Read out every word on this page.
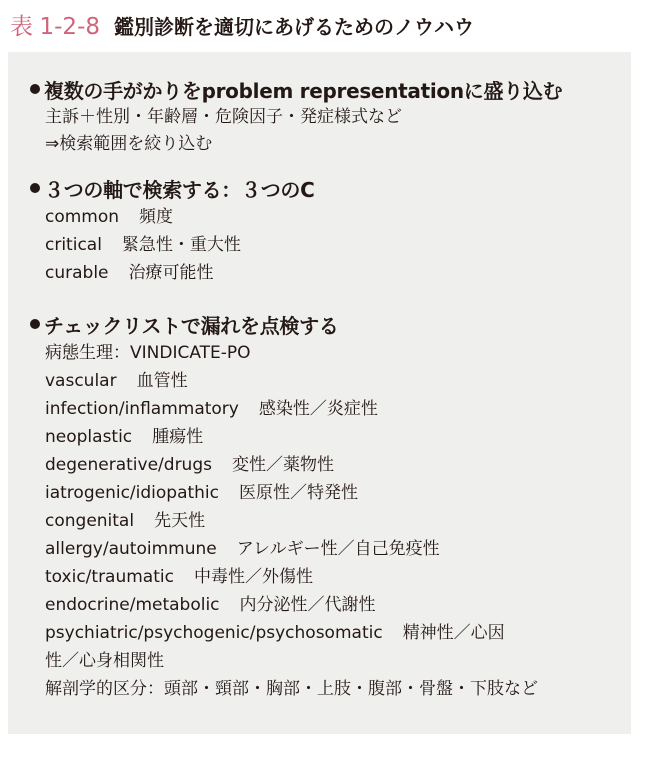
表 1-2-8 鑑別診断を適切にあげるためのノウハウ
複数の手がかりをproblem representationに盛り込む
主訴＋性別・年齢層・危険因子・発症様式など
⇒検索範囲を絞り込む
３つの軸で検索する：３つのC
common 頻度
critical 緊急性・重大性
curable 治療可能性
チェックリストで漏れを点検する
病態生理：VINDICATE-PO
vascular 血管性
infection/inflammatory 感染性／炎症性
neoplastic 腫瘍性
degenerative/drugs 変性／薬物性
iatrogenic/idiopathic 医原性／特発性
congenital 先天性
allergy/autoimmune アレルギー性／自己免疫性
toxic/traumatic 中毒性／外傷性
endocrine/metabolic 内分泌性／代謝性
psychiatric/psychogenic/psychosomatic 精神性／心因
性／心身相関性
解剖学的区分：頭部・頸部・胸部・上肢・腹部・骨盤・下肢など
